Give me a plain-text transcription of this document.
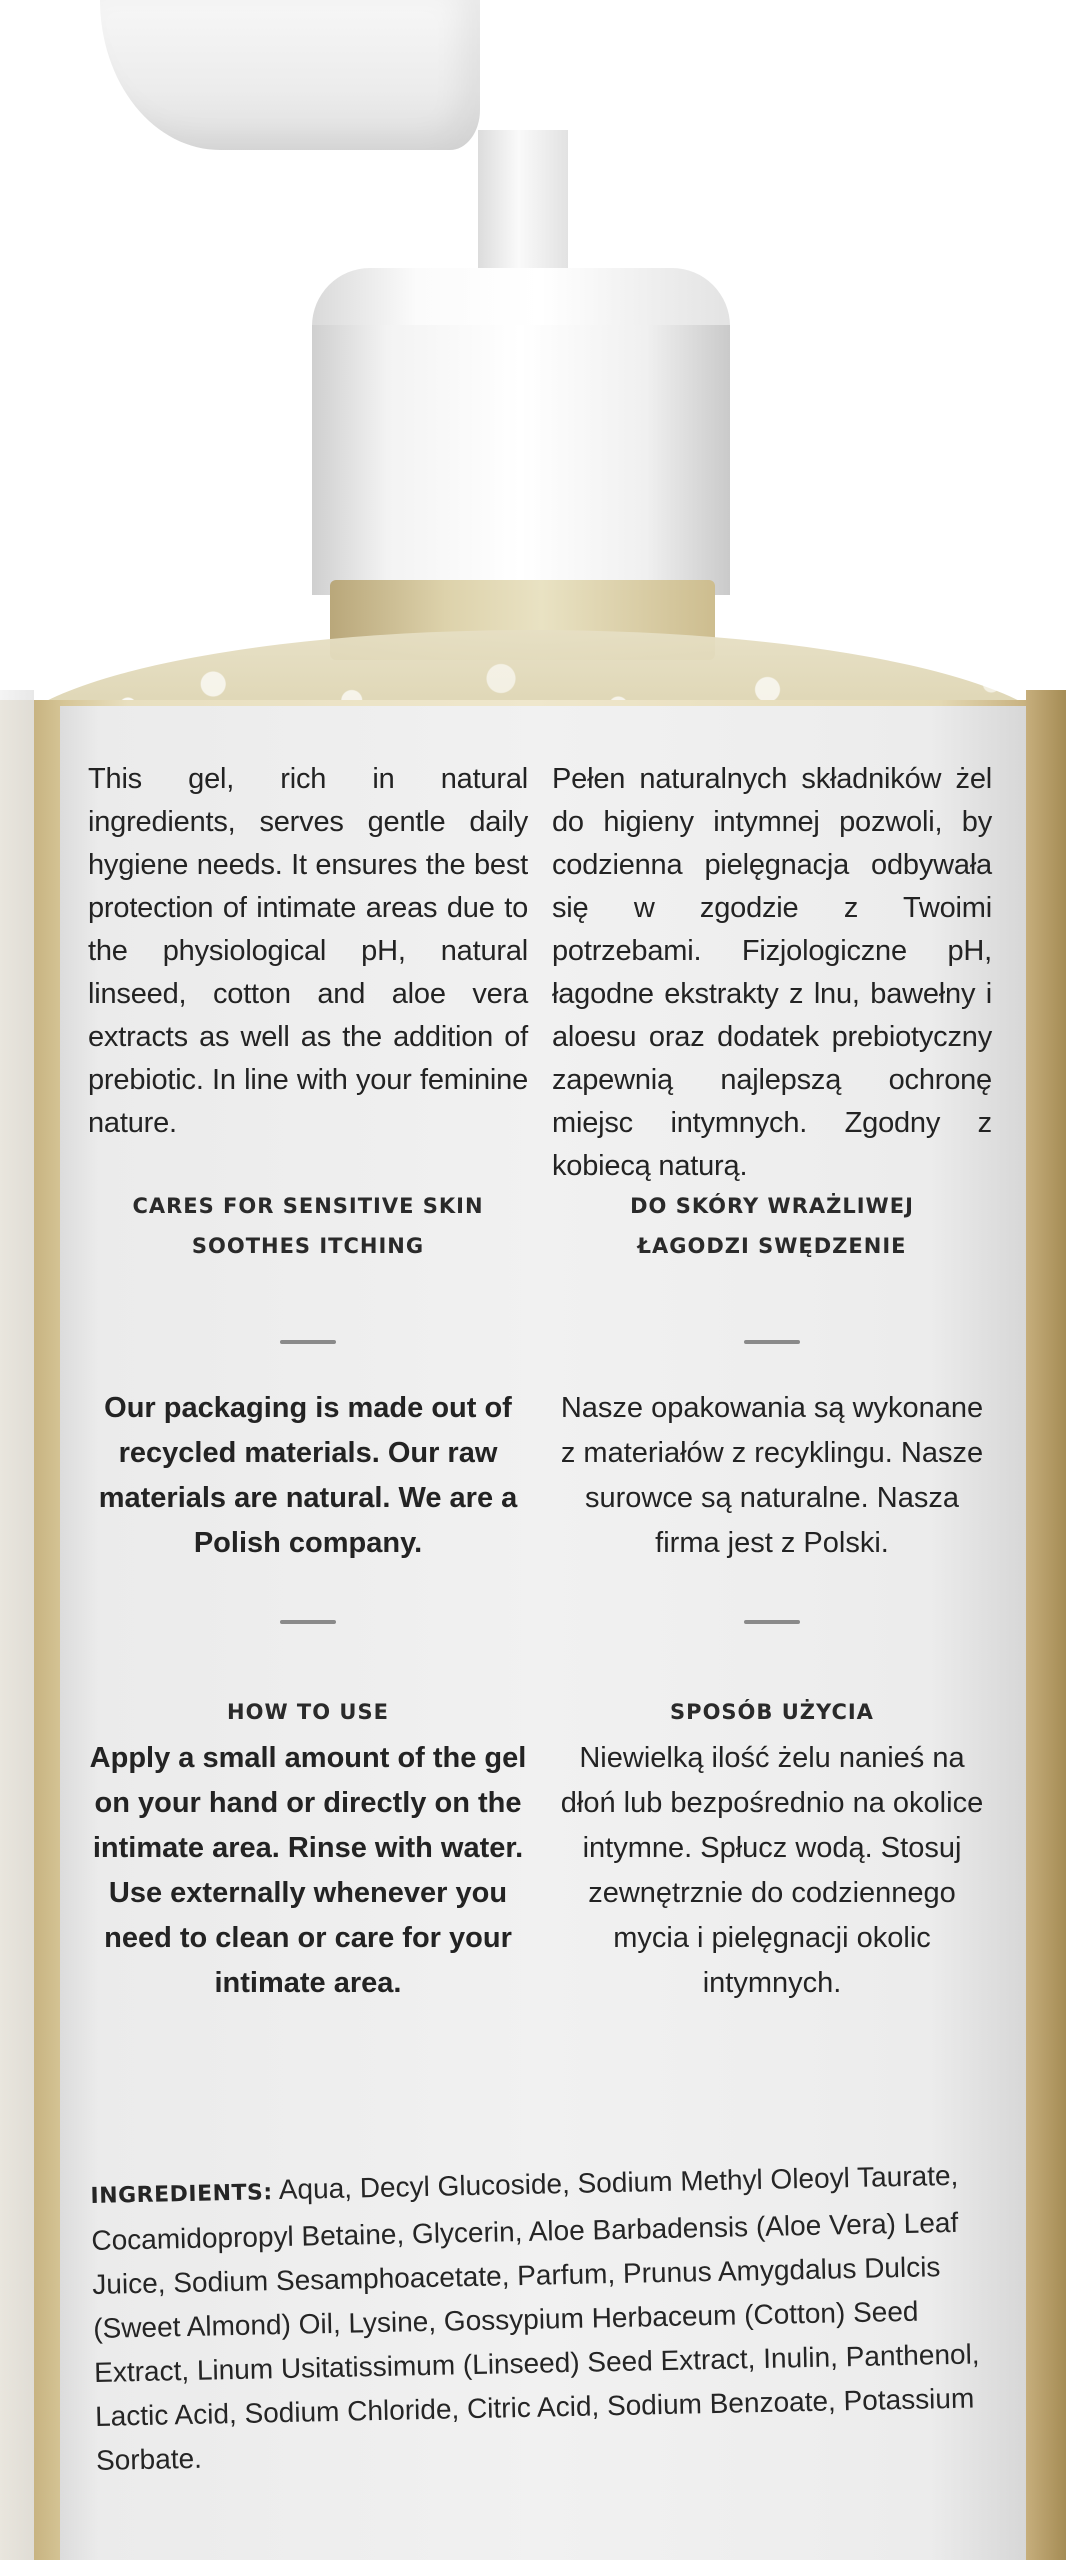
This gel, rich in natural ingredients, serves gentle daily hygiene needs. It ensures the best protection of intimate areas due to the physiological pH, natural linseed, cotton and aloe vera extracts as well as the addition of prebiotic. In line with your feminine nature.

Pełen naturalnych składników żel do higieny intymnej pozwoli, by codzienna pielęgnacja odbywała się w zgodzie z Twoimi potrzebami. Fizjologiczne pH, łagodne ekstrakty z lnu, bawełny i aloesu oraz dodatek prebiotyczny zapewnią najlepszą ochronę miejsc intymnych. Zgodny z kobiecą naturą.

CARES FOR SENSITIVE SKIN
SOOTHES ITCHING
DO SKÓRY WRAŻLIWEJ
ŁAGODZI SWĘDZENIE
Our packaging is made out of recycled materials. Our raw materials are natural. We are a Polish company.
Nasze opakowania są wykonane z materiałów z recyklingu. Nasze surowce są naturalne. Nasza firma jest z Polski.
HOW TO USE
Apply a small amount of the gel on your hand or directly on the intimate area. Rinse with water. Use externally whenever you need to clean or care for your intimate area.
SPOSÓB UŻYCIA
Niewielką ilość żelu nanieś na dłoń lub bezpośrednio na okolice intymne. Spłucz wodą. Stosuj zewnętrznie do codziennego mycia i pielęgnacji okolic intymnych.
INGREDIENTS: Aqua, Decyl Glucoside, Sodium Methyl Oleoyl Taurate, Cocamidopropyl Betaine, Glycerin, Aloe Barbadensis (Aloe Vera) Leaf Juice, Sodium Sesamphoacetate, Parfum, Prunus Amygdalus Dulcis (Sweet Almond) Oil, Lysine, Gossypium Herbaceum (Cotton) Seed Extract, Linum Usitatissimum (Linseed) Seed Extract, Inulin, Panthenol, Lactic Acid, Sodium Chloride, Citric Acid, Sodium Benzoate, Potassium Sorbate.
